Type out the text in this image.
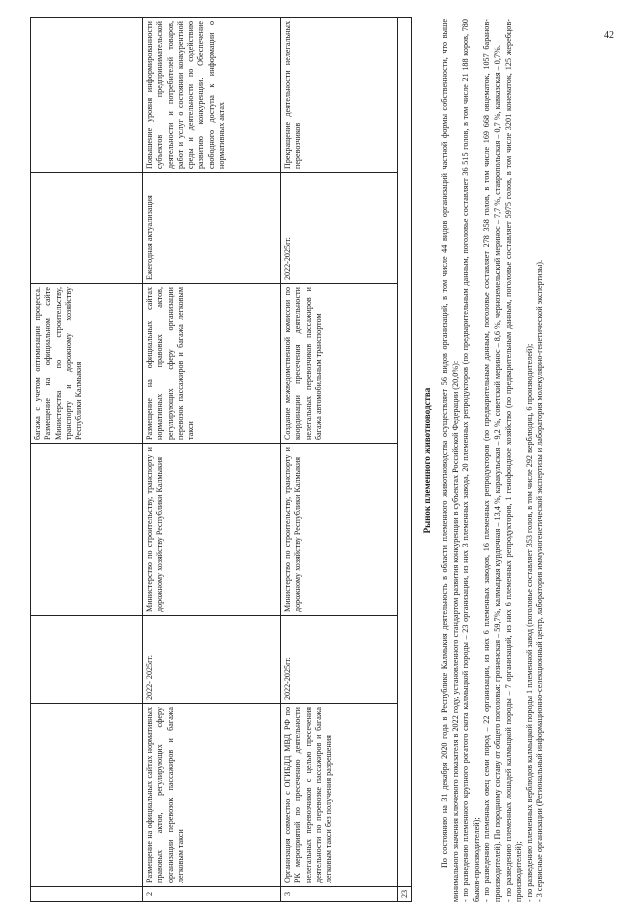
42
багажа с учетом оптимизации процесса. Размещение на официальном сайте Министерства по строительству, транспорту и дорожному хозяйству Республики Калмыкия
2
Размещение на официальных сайтах нормативных правовых актов, регулирующих сферу организации перевозок пассажиров и багажа легковым такси
2022- 2025гг.
Министерство по строительству, транспорту и дорожному хозяйству Республики Калмыкия
Размещение на официальных сайтах нормативных правовых актов, регулирующих сферу организации перевозок пассажиров и багажа легковым такси
Ежегодная актуализация
Повышение уровня информированности субъектов предпринимательской деятельности и потребителей товаров, работ и услуг о состоянии конкурентной среды и деятельности по содействию развитию конкуренции. Обеспечение свободного доступа к информации о нормативных актах
3
Организация совместно с ОГИБДД МВД РФ по РК мероприятий по пресечению деятельности нелегальных перевозчиков с целью пресечения деятельности по перевозке пассажиров и багажа легковым такси без получения разрешения
2022-2025гг.
Министерство по строительству, транспорту и дорожному хозяйству Республики Калмыкия
Создание межведомственной комиссии по координации пресечения деятельности нелегальных перевозчиков пассажиров и багажа автомобильным транспортом
2022-2025гг.
Прекращение деятельности нелегальных перевозчиков
23
Рынок племенного животноводства По состоянию на 31 декабря 2020 года в Республике Калмыкия деятельность в области племенного животноводства осуществляет 56 видов организаций, в том числе 44 видов организаций частной формы собственности, что выше минимального значения ключевого показателя в 2022 году, установленного стандартом развития конкуренции в субъектах Российской Федерации (20,0%): - по разведению племенного крупного рогатого скота калмыцкой породы – 23 организации, из них 3 племенных завода, 20 племенных репродукторов (по предварительным данным, поголовье составляет 36 515 голов, в том числе 21 188 коров, 780 быков-производителей); - по разведению племенных овец семи пород – 22 организации, из них 6 племенных заводов, 16 племенных репродукторов (по предварительным данным, поголовье составляет 278 358 голов, в том числе 169 668 овцематок, 1057 баранов-производителей). По породному составу от общего поголовья: грозненская – 59,7%, калмыцкая курдючная – 13,4 %, каракульская – 9,2 %, советский меринос – 8,6 %, черноземельский меринос – 7,7 %, ставропольская – 0,7 %, кавказская – 0,7%. - по разведению племенных лошадей калмыцкой породы – 7 организаций, из них 6 племенных репродукторов, 1 генофондное хозяйство (по предварительным данным, поголовье составляет 5975 голов, в том числе 3201 конематок, 125 жеребцов-производителей); - по разведению племенных верблюдов калмыцкой породы 1 племенной завод (поголовье составляет 353 голов, в том числе 292 верблюдиц, 6 производителей); - 3 сервисные организации (Региональный информационно-селекционный центр, лаборатория иммуногенетической экспертизы и лаборатория молекулярно-генетической экспертизы).
